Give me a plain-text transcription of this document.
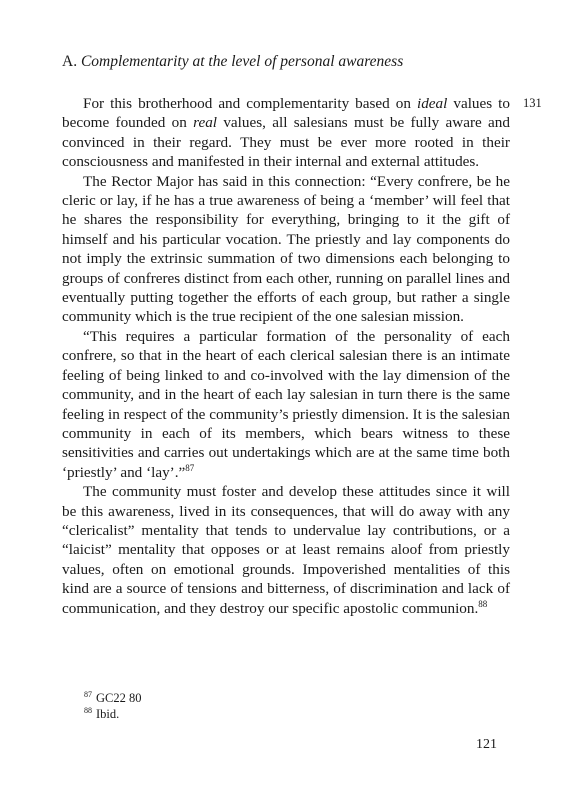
A. Complementarity at the level of personal awareness
131

For this brotherhood and complementarity based on ideal values to become founded on real values, all salesians must be fully aware and convinced in their regard. They must be ever more rooted in their consciousness and manifested in their internal and external attitudes.

The Rector Major has said in this connection: “Every confrere, be he cleric or lay, if he has a true awareness of being a ‘member’ will feel that he shares the responsibility for everything, bringing to it the gift of himself and his particular vocation. The priestly and lay components do not imply the extrinsic summation of two dimensions each belonging to groups of confreres distinct from each other, running on parallel lines and eventually putting together the efforts of each group, but rather a single community which is the true recipient of the one salesian mission.

“This requires a particular formation of the personality of each confrere, so that in the heart of each clerical salesian there is an intimate feeling of being linked to and co-involved with the lay dimension of the community, and in the heart of each lay salesian in turn there is the same feeling in respect of the community’s priestly dimension. It is the salesian community in each of its members, which bears witness to these sensitivities and carries out undertakings which are at the same time both ‘priestly’ and ‘lay’.”$^{87}$

The community must foster and develop these attitudes since it will be this awareness, lived in its consequences, that will do away with any “clericalist” mentality that tends to undervalue lay contributions, or a “laicist” mentality that opposes or at least remains aloof from priestly values, often on emotional grounds. Impoverished mentalities of this kind are a source of tensions and bitterness, of discrimination and lack of communication, and they destroy our specific apostolic communion.$^{88}$

$^{87}$ GC22 80
$^{88}$ Ibid.
121
